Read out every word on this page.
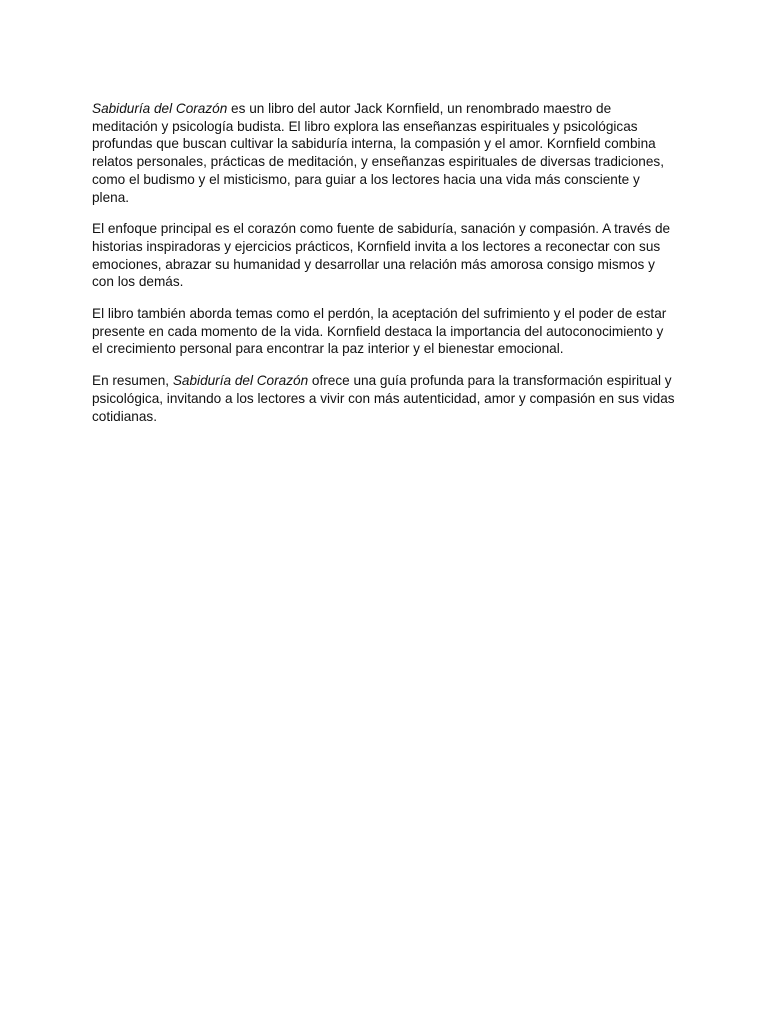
Sabiduría del Corazón es un libro del autor Jack Kornfield, un renombrado maestro de meditación y psicología budista. El libro explora las enseñanzas espirituales y psicológicas profundas que buscan cultivar la sabiduría interna, la compasión y el amor. Kornfield combina relatos personales, prácticas de meditación, y enseñanzas espirituales de diversas tradiciones, como el budismo y el misticismo, para guiar a los lectores hacia una vida más consciente y plena.

El enfoque principal es el corazón como fuente de sabiduría, sanación y compasión. A través de historias inspiradoras y ejercicios prácticos, Kornfield invita a los lectores a reconectar con sus emociones, abrazar su humanidad y desarrollar una relación más amorosa consigo mismos y con los demás.

El libro también aborda temas como el perdón, la aceptación del sufrimiento y el poder de estar presente en cada momento de la vida. Kornfield destaca la importancia del autoconocimiento y el crecimiento personal para encontrar la paz interior y el bienestar emocional.

En resumen, Sabiduría del Corazón ofrece una guía profunda para la transformación espiritual y psicológica, invitando a los lectores a vivir con más autenticidad, amor y compasión en sus vidas cotidianas.
